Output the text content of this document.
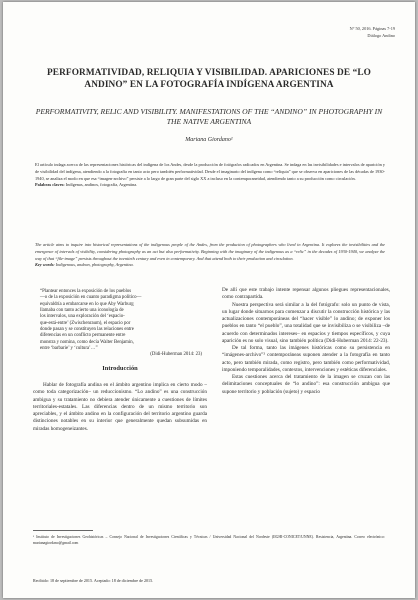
N° 50, 2016. Páginas 7-19
Diálogo Andino
PERFORMATIVIDAD, RELIQUIA Y VISIBILIDAD. APARICIONES DE “LO ANDINO” EN LA FOTOGRAFÍA INDÍGENA ARGENTINA
PERFORMATIVITY, RELIC AND VISIBILITY. MANIFESTATIONS OF THE “ANDINO” IN PHOTOGRAPHY IN THE NATIVE ARGENTINA
Mariana Giordano¹
El artículo indaga acerca de las representaciones históricas del indígena de los Andes, desde la producción de fotógrafos radicados en Argentina. Se indaga en las invisibilidades e intervalos de aparición y de visibilidad del indígena, atendiendo a la fotografía en tanto acto pero también performatividad. Desde el imaginario del indígena como “reliquia” que se observa en apariciones de las décadas de 1930-1940, se analiza el modo en que esa “imagen-archivo” persiste a lo largo de gran parte del siglo XX a incluso en la contemporaneidad, atendiendo tanto a su producción como circulación.
Palabras claves: Indígenas, andinos, fotografía, Argentina.
The article aims to inquire into historical representations of the indigenous people of the Andes, from the production of photographers who lived in Argentina. It explores the invisibilities and the emergence of intervals of visibility, considering photography as an act but also performativity. Beginning with the imaginary of the indigenous as a “relic” in the decades of 1930-1940, we analyze the way of that “file-image” persists throughout the twentieth century and even in contemporary. And that attend both to their production and circulation.
Key words: Indigenous, andean, photography, Argentina.
“Plantear entonces la exposición de los pueblos
—o de la exposición en cuanto paradigma político—
equivaldría a embarcarse en lo que Aby Warburg
llamaba con tanto acierto una iconología de
los intervalos, una exploración del ‘espacio-
que-está-entre’ (Zwischenraum), el espacio por
donde pasan y se constituyen las relaciones entre
diferencias en un conflicto permanente entre
monstra y nomina, como decía Walter Benjamin,
entre ‘barbarie’ y ‘cultura’…”
(Didi-Huberman 2014: 23)
Introducción

Hablar de fotografía andina en el ámbito argentino implica en cierto modo –como toda categorización– un reduccionismo. “Lo andino” es una construcción ambigua y su tratamiento no debiera atender únicamente a cuestiones de límites territoriales-estatales. Las diferencias dentro de un mismo territorio son apreciables, y el ámbito andino en la configuración del territorio argentino guarda distinciones notables en su interior que generalmente quedan subsumidas en miradas homogeneizantes.

De allí que este trabajo intente repensar algunos pliegues representacionales, como contrapartida.

Nuestra perspectiva será similar a la del fotógrafo: solo un punto de vista, un lugar donde situarnos para comenzar a discutir la construcción histórica y las actualizaciones contemporáneas del “hacer visible” lo andino; de exponer los pueblos en tanto “el pueblo”, una totalidad que se invisibiliza o se visibiliza –de acuerdo con determinados intereses– en espacios y tiempos específicos, y cuya aparición es no solo visual, sino también política (Didi-Huberman 2014: 22-23).

De tal forma, tanto las imágenes históricas como su persistencia en “imágenes-archivo”² contemporáneas suponen atender a la fotografía en tanto acto, pero también mirada, como registro, pero también como performatividad, imponiendo temporalidades, contextos, intervenciones y estéticas diferenciales.

Estas cuestiones acerca del tratamiento de la imagen se cruzan con las delimitaciones conceptuales de “lo andino”: esa construcción ambigua que supone territorio y población (sujeto) y espacio

¹ Instituto de Investigaciones Geohistóricas – Consejo Nacional de Investigaciones Científicas y Técnicas / Universidad Nacional del Nordeste (IIGHI-CONICET/UNNE). Resistencia, Argentina. Correo electrónico: marianagiordano@gmail.com
Recibido: 18 de septiembre de 2015. Aceptado: 18 de diciembre de 2015.
